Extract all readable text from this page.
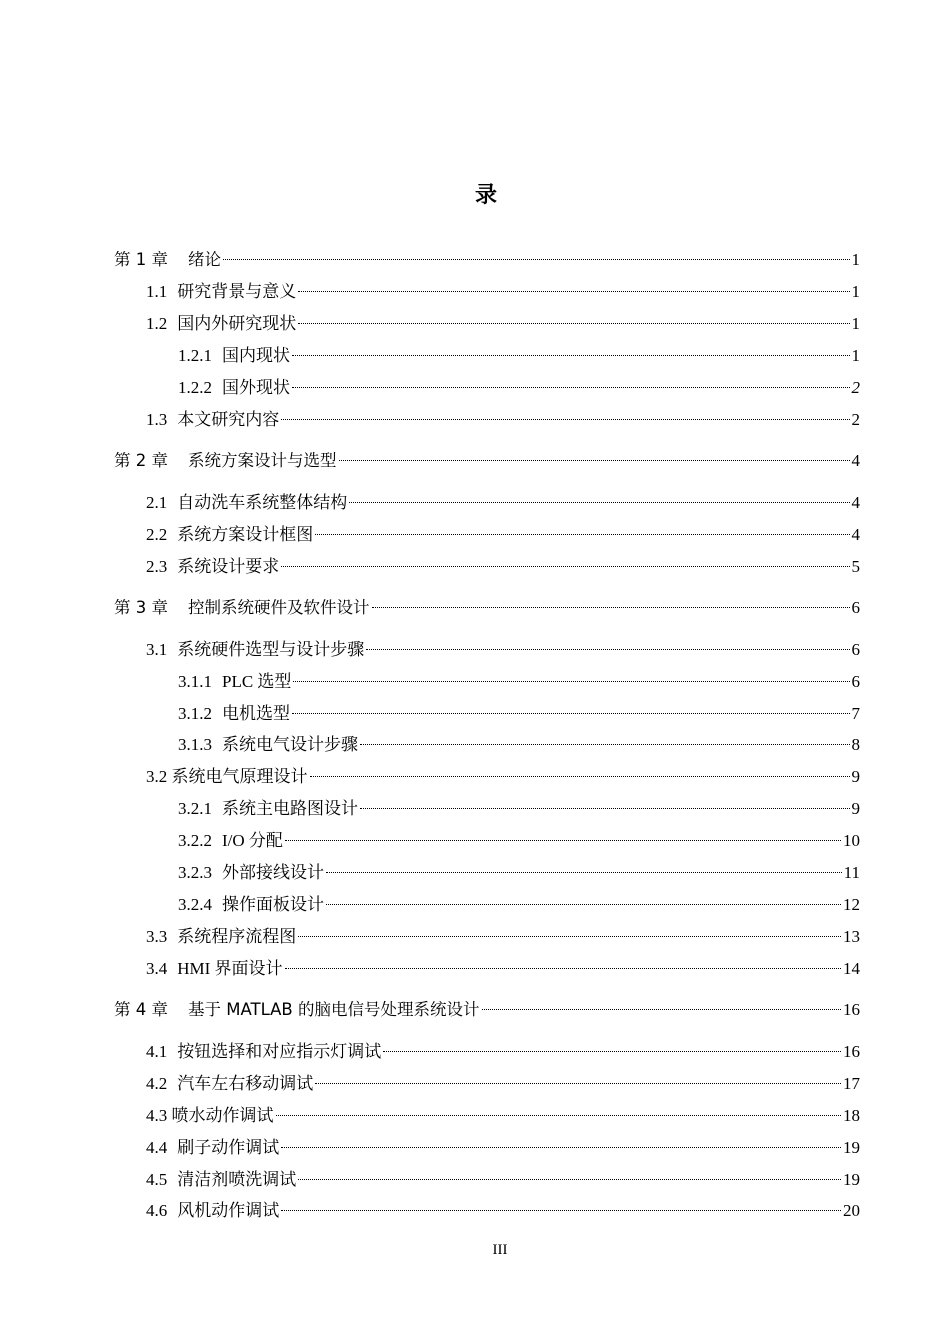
录
第 1 章 绪论	1
1.1 研究背景与意义	1
1.2 国内外研究现状	1
1.2.1 国内现状	1
1.2.2 国外现状	2
1.3 本文研究内容	2
第 2 章 系统方案设计与选型	4
2.1 自动洗车系统整体结构	4
2.2 系统方案设计框图	4
2.3 系统设计要求	5
第 3 章 控制系统硬件及软件设计	6
3.1 系统硬件选型与设计步骤	6
3.1.1 PLC 选型	6
3.1.2 电机选型	7
3.1.3 系统电气设计步骤	8
3.2 系统电气原理设计	9
3.2.1 系统主电路图设计	9
3.2.2 I/O 分配	10
3.2.3 外部接线设计	11
3.2.4 操作面板设计	12
3.3 系统程序流程图	13
3.4 HMI 界面设计	14
第 4 章 基于 MATLAB 的脑电信号处理系统设计	16
4.1 按钮选择和对应指示灯调试	16
4.2 汽车左右移动调试	17
4.3 喷水动作调试	18
4.4 刷子动作调试	19
4.5 清洁剂喷洗调试	19
4.6 风机动作调试	20
III
